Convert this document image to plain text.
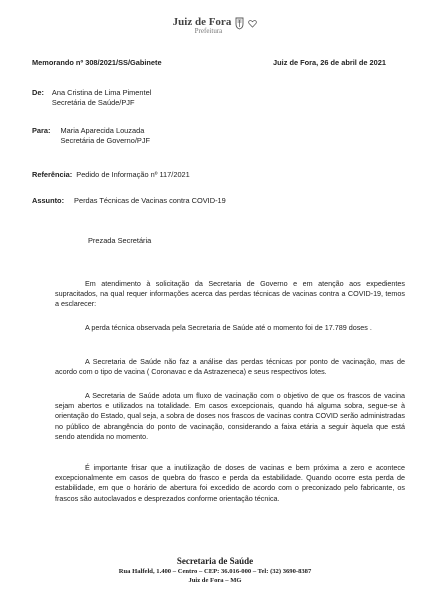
Juiz de Fora
Prefeitura
Memorando nº 308/2021/SS/Gabinete	Juiz de Fora, 26 de abril de 2021
De: Ana Cristina de Lima Pimentel
Secretária de Saúde/PJF
Para: Maria Aparecida Louzada
Secretária de Governo/PJF
Referência: Pedido de Informação nº 117/2021
Assunto: Perdas Técnicas de Vacinas contra COVID-19
Prezada Secretária
Em atendimento à solicitação da Secretaria de Governo e em atenção aos expedientes supracitados, na qual requer informações acerca das perdas técnicas de vacinas contra a COVID-19, temos a esclarecer:
A perda técnica observada pela Secretaria de Saúde até o momento foi de 17.789 doses .
A Secretaria de Saúde não faz a análise das perdas técnicas por ponto de vacinação, mas de acordo com o tipo de vacina ( Coronavac e da Astrazeneca) e seus respectivos lotes.
A Secretaria de Saúde adota um fluxo de vacinação com o objetivo de que os frascos de vacina sejam abertos e utilizados na totalidade. Em casos excepcionais, quando há alguma sobra, segue-se à orientação do Estado, qual seja, a sobra de doses nos frascos de vacinas contra COVID serão administradas no público de abrangência do ponto de vacinação, considerando a faixa etária a seguir àquela que está sendo atendida no momento.
É importante frisar que a inutilização de doses de vacinas e bem próxima a zero e acontece excepcionalmente em casos de quebra do frasco e perda da estabilidade. Quando ocorre esta perda de estabilidade, em que o horário de abertura foi excedido de acordo com o preconizado pelo fabricante, os frascos são autoclavados e desprezados conforme orientação técnica.
Secretaria de Saúde
Rua Halfeld, 1.400 – Centro – CEP: 36.016-000 – Tel: (32) 3690-8387
Juiz de Fora – MG
